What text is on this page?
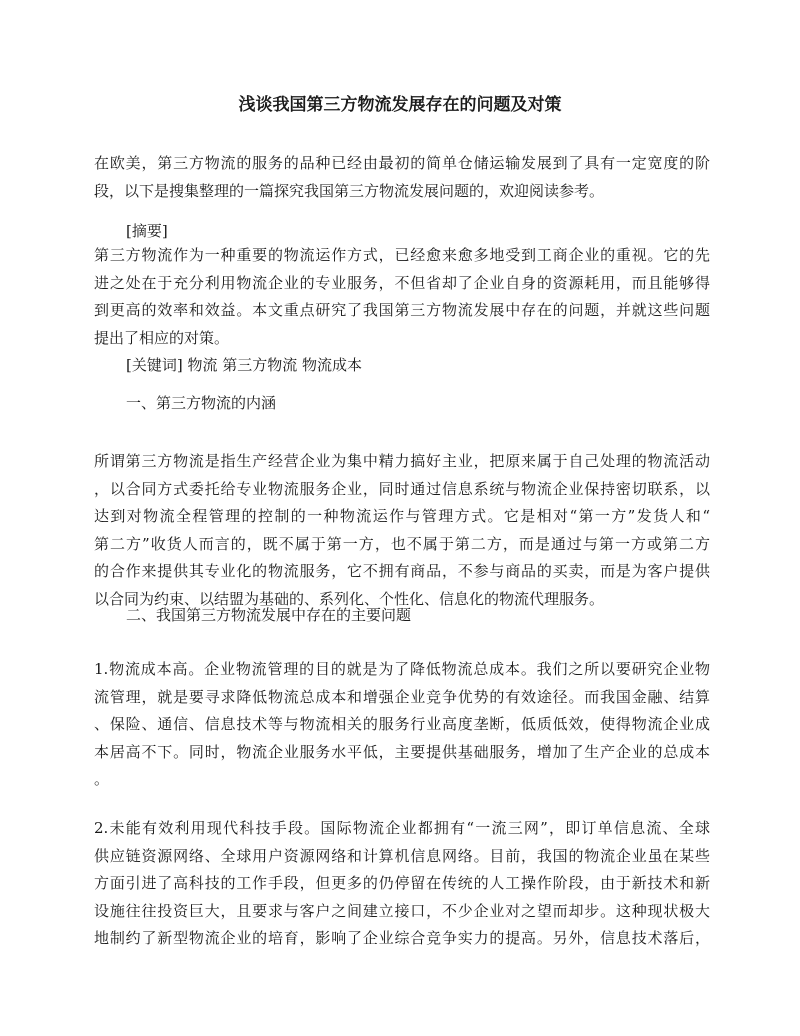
浅谈我国第三方物流发展存在的问题及对策

在欧美，第三方物流的服务的品种已经由最初的简单仓储运输发展到了具有一定宽度的阶
段，以下是搜集整理的一篇探究我国第三方物流发展问题的，欢迎阅读参考。

[摘要]

第三方物流作为一种重要的物流运作方式，已经愈来愈多地受到工商企业的重视。它的先
进之处在于充分利用物流企业的专业服务，不但省却了企业自身的资源耗用，而且能够得
到更高的效率和效益。本文重点研究了我国第三方物流发展中存在的问题，并就这些问题
提出了相应的对策。

[关键词] 物流 第三方物流 物流成本

一、第三方物流的内涵

所谓第三方物流是指生产经营企业为集中精力搞好主业，把原来属于自己处理的物流活动
，以合同方式委托给专业物流服务企业，同时通过信息系统与物流企业保持密切联系，以
达到对物流全程管理的控制的一种物流运作与管理方式。它是相对“第一方”发货人和“
第二方”收货人而言的，既不属于第一方，也不属于第二方，而是通过与第一方或第二方
的合作来提供其专业化的物流服务，它不拥有商品，不参与商品的买卖，而是为客户提供
以合同为约束、以结盟为基础的、系列化、个性化、信息化的物流代理服务。

二、我国第三方物流发展中存在的主要问题

1.物流成本高。企业物流管理的目的就是为了降低物流总成本。我们之所以要研究企业物
流管理，就是要寻求降低物流总成本和增强企业竞争优势的有效途径。而我国金融、结算
、保险、通信、信息技术等与物流相关的服务行业高度垄断，低质低效，使得物流企业成
本居高不下。同时，物流企业服务水平低，主要提供基础服务，增加了生产企业的总成本
。

2.未能有效利用现代科技手段。国际物流企业都拥有“一流三网”，即订单信息流、全球
供应链资源网络、全球用户资源网络和计算机信息网络。目前，我国的物流企业虽在某些
方面引进了高科技的工作手段，但更多的仍停留在传统的人工操作阶段，由于新技术和新
设施往往投资巨大，且要求与客户之间建立接口，不少企业对之望而却步。这种现状极大
地制约了新型物流企业的培育，影响了企业综合竞争实力的提高。另外，信息技术落后，
